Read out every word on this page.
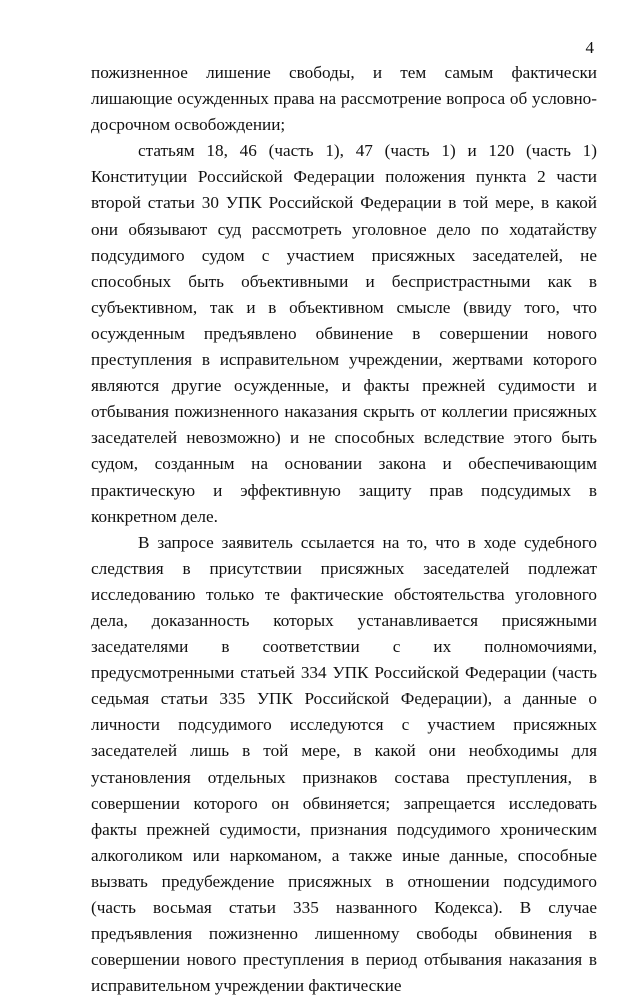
4

пожизненное лишение свободы, и тем самым фактически лишающие осужденных права на рассмотрение вопроса об условно-досрочном освобождении;

статьям 18, 46 (часть 1), 47 (часть 1) и 120 (часть 1) Конституции Российской Федерации положения пункта 2 части второй статьи 30 УПК Российской Федерации в той мере, в какой они обязывают суд рассмотреть уголовное дело по ходатайству подсудимого судом с участием присяжных заседателей, не способных быть объективными и беспристрастными как в субъективном, так и в объективном смысле (ввиду того, что осужденным предъявлено обвинение в совершении нового преступления в исправительном учреждении, жертвами которого являются другие осужденные, и факты прежней судимости и отбывания пожизненного наказания скрыть от коллегии присяжных заседателей невозможно) и не способных вследствие этого быть судом, созданным на основании закона и обеспечивающим практическую и эффективную защиту прав подсудимых в конкретном деле.

В запросе заявитель ссылается на то, что в ходе судебного следствия в присутствии присяжных заседателей подлежат исследованию только те фактические обстоятельства уголовного дела, доказанность которых устанавливается присяжными заседателями в соответствии с их полномочиями, предусмотренными статьей 334 УПК Российской Федерации (часть седьмая статьи 335 УПК Российской Федерации), а данные о личности подсудимого исследуются с участием присяжных заседателей лишь в той мере, в какой они необходимы для установления отдельных признаков состава преступления, в совершении которого он обвиняется; запрещается исследовать факты прежней судимости, признания подсудимого хроническим алкоголиком или наркоманом, а также иные данные, способные вызвать предубеждение присяжных в отношении подсудимого (часть восьмая статьи 335 названного Кодекса). В случае предъявления пожизненно лишенному свободы обвинения в совершении нового преступления в период отбывания наказания в исправительном учреждении фактические
